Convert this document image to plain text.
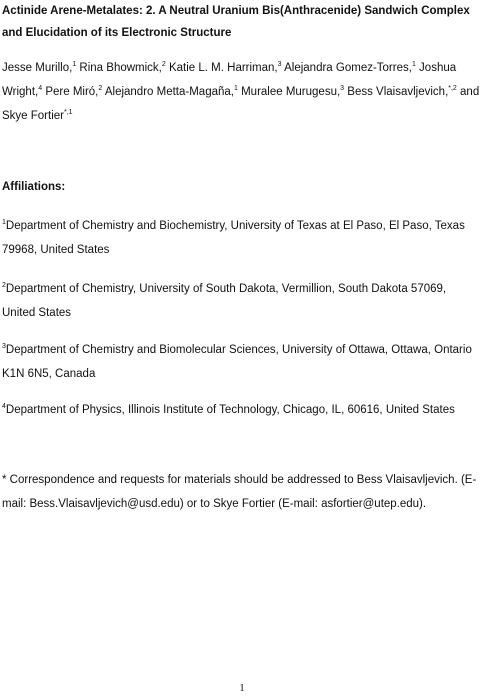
Actinide Arene-Metalates: 2. A Neutral Uranium Bis(Anthracenide) Sandwich Complex and Elucidation of its Electronic Structure

Jesse Murillo,$^1$ Rina Bhowmick,$^2$ Katie L. M. Harriman,$^3$ Alejandra Gomez-Torres,$^1$ Joshua Wright,$^4$ Pere Miró,$^2$ Alejandro Metta-Magaña,$^1$ Muralee Murugesu,$^3$ Bess Vlaisavljevich,$^{*,2}$ and Skye Fortier$^{*,1}$

Affiliations:

$^1$Department of Chemistry and Biochemistry, University of Texas at El Paso, El Paso, Texas 79968, United States

$^2$Department of Chemistry, University of South Dakota, Vermillion, South Dakota 57069, United States

$^3$Department of Chemistry and Biomolecular Sciences, University of Ottawa, Ottawa, Ontario K1N 6N5, Canada

$^4$Department of Physics, Illinois Institute of Technology, Chicago, IL, 60616, United States

* Correspondence and requests for materials should be addressed to Bess Vlaisavljevich. (E-mail: Bess.Vlaisavljevich@usd.edu) or to Skye Fortier (E-mail: asfortier@utep.edu).

1
